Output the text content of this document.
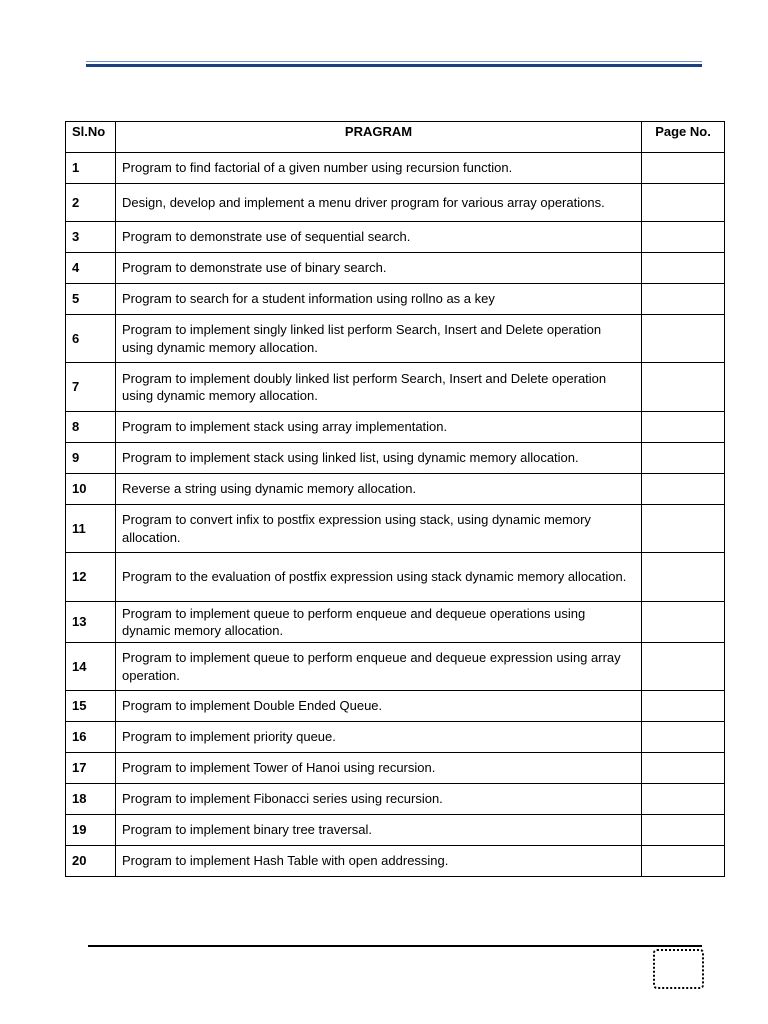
Sl.No	PRAGRAM	Page No.
1	Program to find factorial of a given number using recursion function.	
2	Design, develop and implement a menu driver program for various array operations.	
3	Program to demonstrate use of sequential search.	
4	Program to demonstrate use of binary search.	
5	Program to search for a student information using rollno as a key	
6	Program to implement singly linked list perform Search, Insert and Delete operation using dynamic memory allocation.	
7	Program to implement doubly linked list perform Search, Insert and Delete operation using dynamic memory allocation.	
8	Program to implement stack using array implementation.	
9	Program to implement stack using linked list, using dynamic memory allocation.	
10	Reverse a string using dynamic memory allocation.	
11	Program to convert infix to postfix expression using stack, using dynamic memory allocation.	
12	Program to the evaluation of postfix expression using stack dynamic memory allocation.	
13	Program to implement queue to perform enqueue and dequeue operations using dynamic memory allocation.	
14	Program to implement queue to perform enqueue and dequeue expression using array operation.	
15	Program to implement Double Ended Queue.	
16	Program to implement priority queue.	
17	Program to implement Tower of Hanoi using recursion.	
18	Program to implement Fibonacci series using recursion.	
19	Program to implement binary tree traversal.	
20	Program to implement Hash Table with open addressing.	
